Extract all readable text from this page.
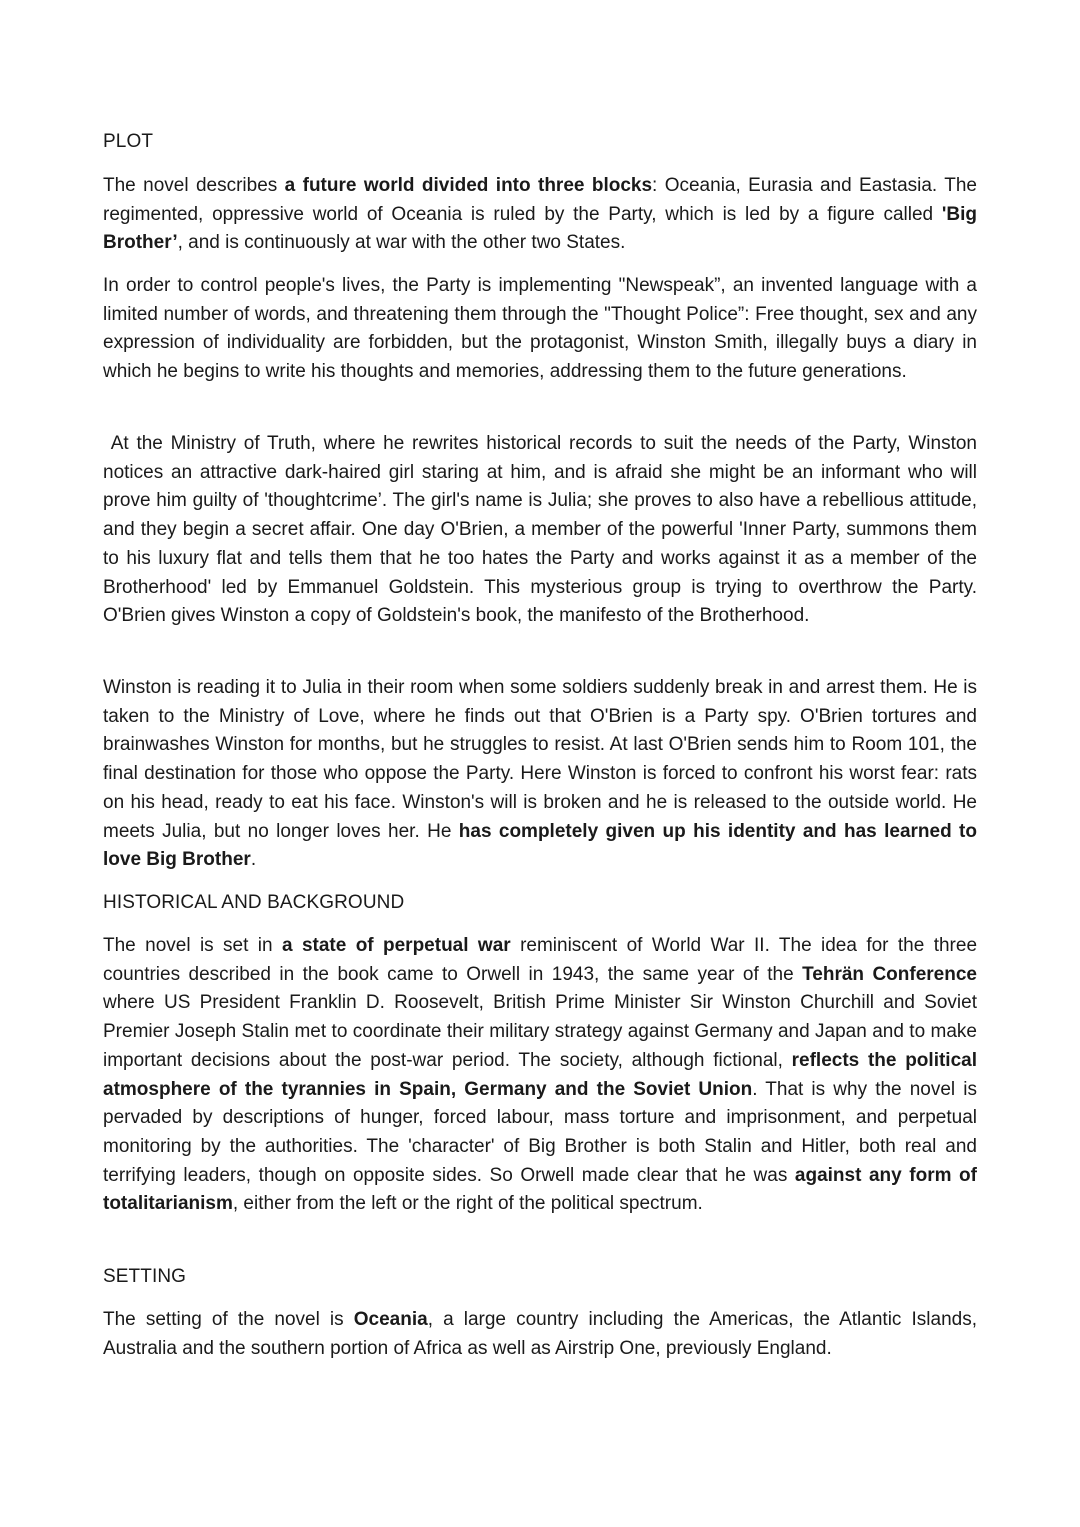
PLOT

The novel describes a future world divided into three blocks: Oceania, Eurasia and Eastasia. The regimented, oppressive world of Oceania is ruled by the Party, which is led by a figure called 'Big Brother’, and is continuously at war with the other two States.

In order to control people's lives, the Party is implementing "Newspeak”, an invented language with a limited number of words, and threatening them through the "Thought Police”: Free thought, sex and any expression of individuality are forbidden, but the protagonist, Winston Smith, illegally buys a diary in which he begins to write his thoughts and memories, addressing them to the future generations.

At the Ministry of Truth, where he rewrites historical records to suit the needs of the Party, Winston notices an attractive dark-haired girl staring at him, and is afraid she might be an informant who will prove him guilty of 'thoughtcrime’. The girl's name is Julia; she proves to also have a rebellious attitude, and they begin a secret affair. One day O'Brien, a member of the powerful 'Inner Party, summons them to his luxury flat and tells them that he too hates the Party and works against it as a member of the Brotherhood' led by Emmanuel Goldstein. This mysterious group is trying to overthrow the Party. O'Brien gives Winston a copy of Goldstein's book, the manifesto of the Brotherhood.

Winston is reading it to Julia in their room when some soldiers suddenly break in and arrest them. He is taken to the Ministry of Love, where he finds out that O'Brien is a Party spy. O'Brien tortures and brainwashes Winston for months, but he struggles to resist. At last O'Brien sends him to Room 101, the final destination for those who oppose the Party. Here Winston is forced to confront his worst fear: rats on his head, ready to eat his face. Winston's will is broken and he is released to the outside world. He meets Julia, but no longer loves her. He has completely given up his identity and has learned to love Big Brother.

HISTORICAL AND BACKGROUND

The novel is set in a state of perpetual war reminiscent of World War II. The idea for the three countries described in the book came to Orwell in 1943, the same year of the Tehrän Conference where US President Franklin D. Roosevelt, British Prime Minister Sir Winston Churchill and Soviet Premier Joseph Stalin met to coordinate their military strategy against Germany and Japan and to make important decisions about the post-war period. The society, although fictional, reflects the political atmosphere of the tyrannies in Spain, Germany and the Soviet Union. That is why the novel is pervaded by descriptions of hunger, forced labour, mass torture and imprisonment, and perpetual monitoring by the authorities. The 'character' of Big Brother is both Stalin and Hitler, both real and terrifying leaders, though on opposite sides. So Orwell made clear that he was against any form of totalitarianism, either from the left or the right of the political spectrum.

SETTING

The setting of the novel is Oceania, a large country including the Americas, the Atlantic Islands, Australia and the southern portion of Africa as well as Airstrip One, previously England.
